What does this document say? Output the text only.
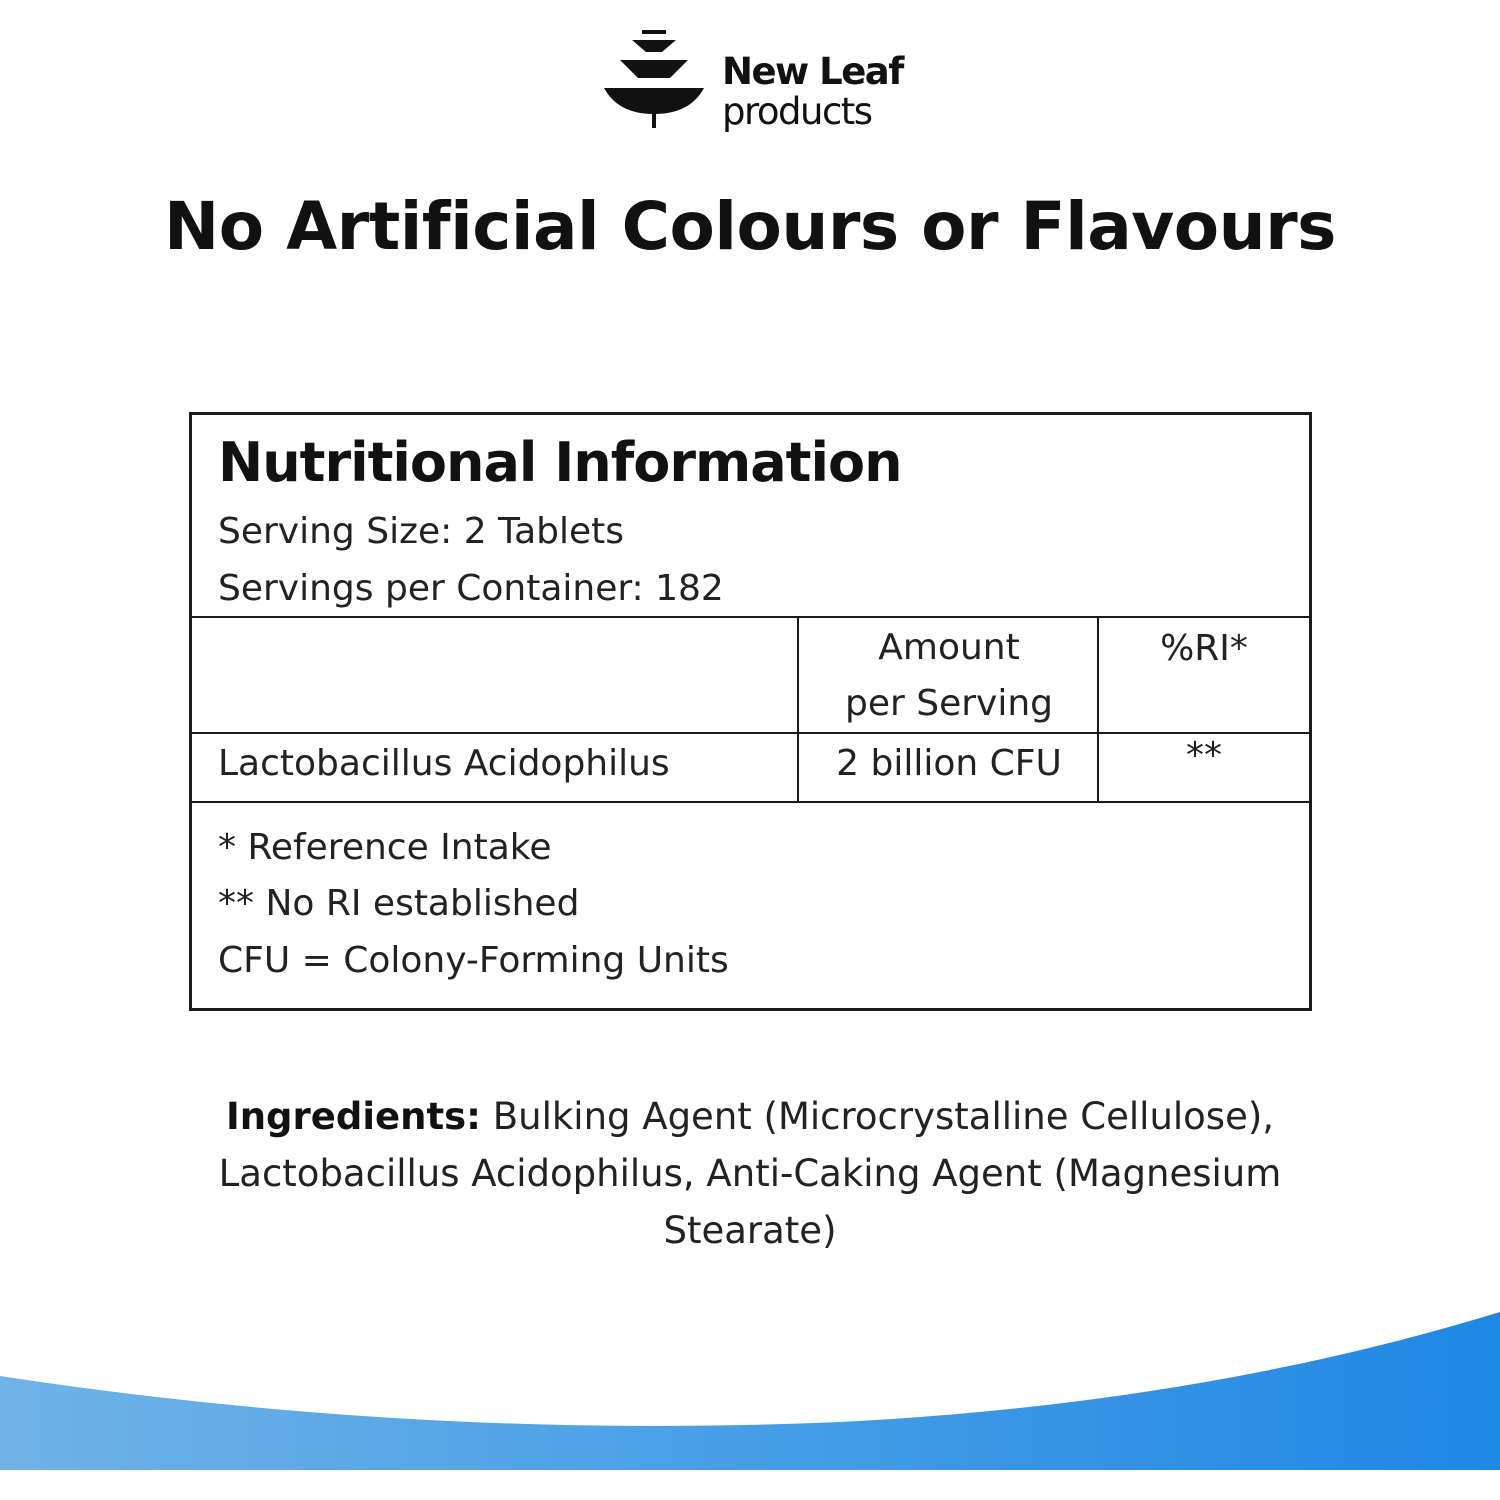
New Leaf
products
No Artificial Colours or Flavours
Nutritional Information
Serving Size: 2 Tablets
Servings per Container: 182
Amount
per Serving
%RI*
Lactobacillus Acidophilus	2 billion CFU	**
* Reference Intake
** No RI established
CFU = Colony-Forming Units
Ingredients: Bulking Agent (Microcrystalline Cellulose), Lactobacillus Acidophilus, Anti-Caking Agent (Magnesium Stearate)
